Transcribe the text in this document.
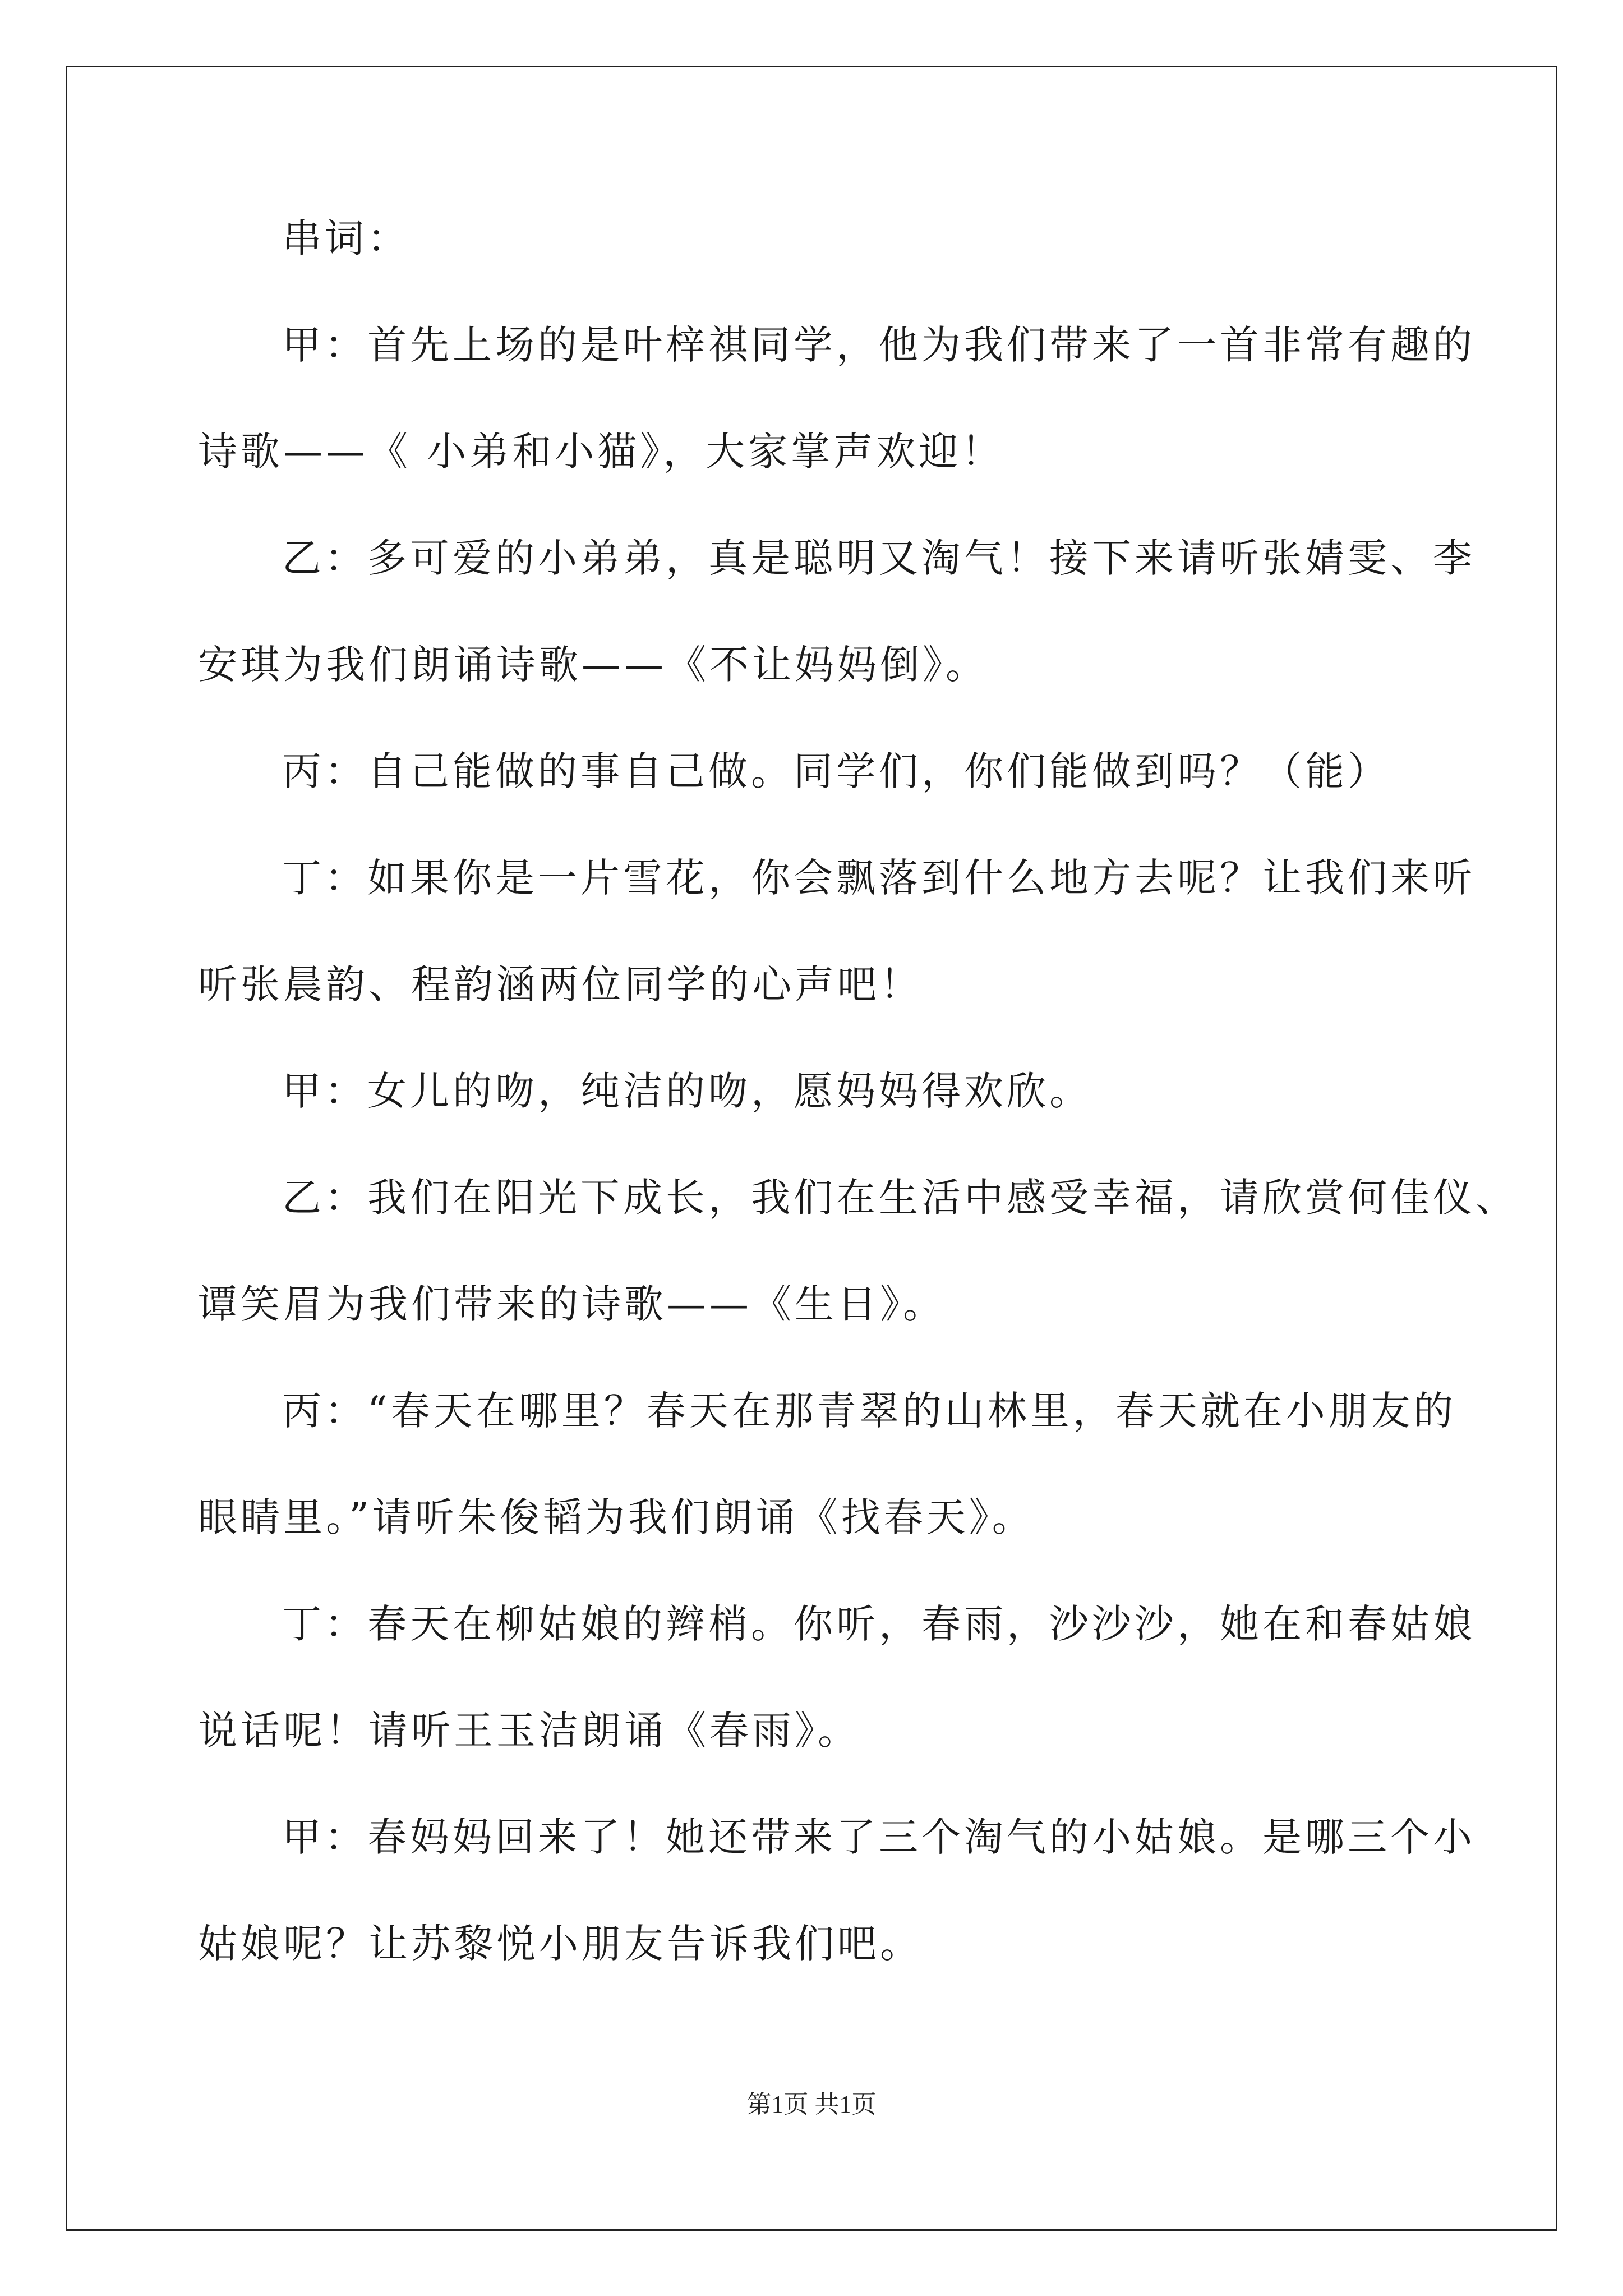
串词：
甲：首先上场的是叶梓祺同学，他为我们带来了一首非常有趣的
诗歌——《 小弟和小猫》，大家掌声欢迎！
乙：多可爱的小弟弟，真是聪明又淘气！接下来请听张婧雯、李
安琪为我们朗诵诗歌——《不让妈妈倒》。
丙：自己能做的事自己做。同学们，你们能做到吗？（能）
丁：如果你是一片雪花，你会飘落到什么地方去呢？让我们来听
听张晨韵、程韵涵两位同学的心声吧！
甲：女儿的吻，纯洁的吻，愿妈妈得欢欣。
乙：我们在阳光下成长，我们在生活中感受幸福，请欣赏何佳仪、
谭笑眉为我们带来的诗歌——《生日》。
丙：“春天在哪里？春天在那青翠的山林里，春天就在小朋友的
眼睛里。”请听朱俊韬为我们朗诵《找春天》。
丁：春天在柳姑娘的辫梢。你听，春雨，沙沙沙，她在和春姑娘
说话呢！请听王玉洁朗诵《春雨》。
甲：春妈妈回来了！她还带来了三个淘气的小姑娘。是哪三个小
姑娘呢？让苏黎悦小朋友告诉我们吧。
第1页 共1页
